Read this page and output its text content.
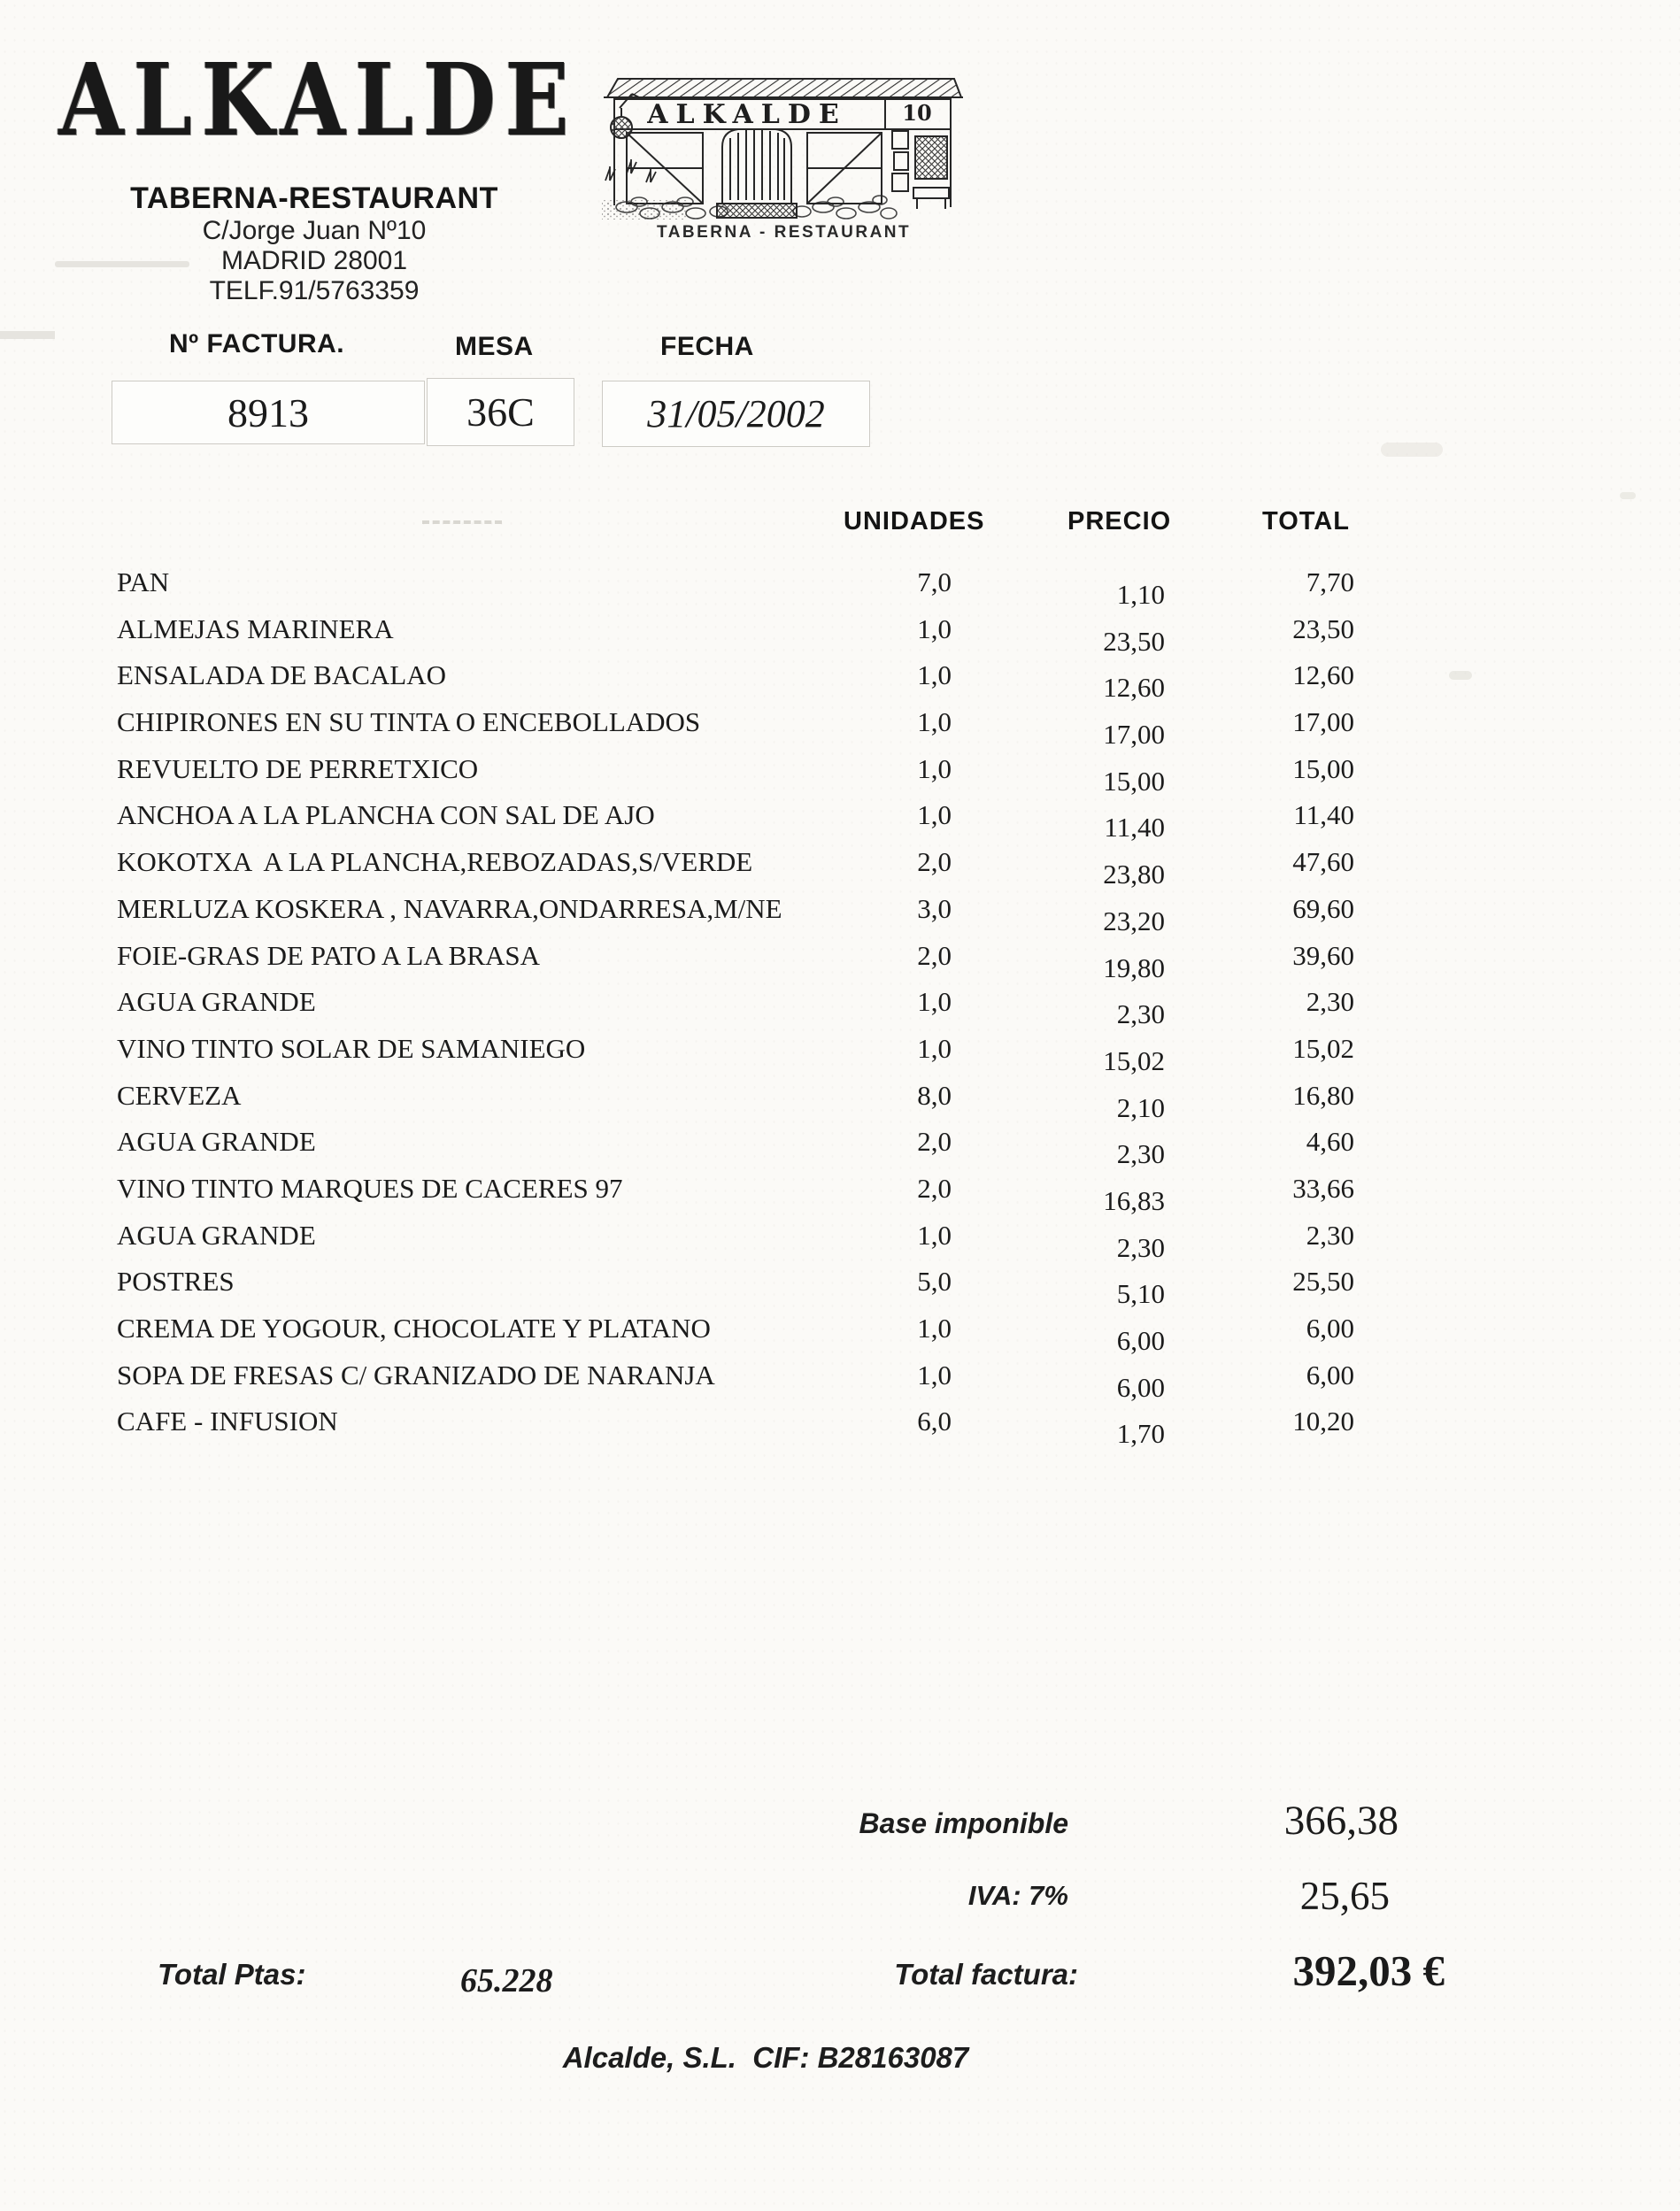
ALKALDE
TABERNA-RESTAURANT
C/Jorge Juan Nº10
MADRID 28001
TELF.91/5763359
ALKALDE	10
TABERNA - RESTAURANT
Nº FACTURA.	MESA	FECHA
8913	36C	31/05/2002
UNIDADES	PRECIO	TOTAL
PAN	7,0	1,10	7,70
ALMEJAS MARINERA	1,0	23,50	23,50
ENSALADA DE BACALAO	1,0	12,60	12,60
CHIPIRONES EN SU TINTA O ENCEBOLLADOS	1,0	17,00	17,00
REVUELTO DE PERRETXICO	1,0	15,00	15,00
ANCHOA A LA PLANCHA CON SAL DE AJO	1,0	11,40	11,40
KOKOTXA  A LA PLANCHA,REBOZADAS,S/VERDE	2,0	23,80	47,60
MERLUZA KOSKERA , NAVARRA,ONDARRESA,M/NE	3,0	23,20	69,60
FOIE-GRAS DE PATO A LA BRASA	2,0	19,80	39,60
AGUA GRANDE	1,0	2,30	2,30
VINO TINTO SOLAR DE SAMANIEGO	1,0	15,02	15,02
CERVEZA	8,0	2,10	16,80
AGUA GRANDE	2,0	2,30	4,60
VINO TINTO MARQUES DE CACERES 97	2,0	16,83	33,66
AGUA GRANDE	1,0	2,30	2,30
POSTRES	5,0	5,10	25,50
CREMA DE YOGOUR, CHOCOLATE Y PLATANO	1,0	6,00	6,00
SOPA DE FRESAS C/ GRANIZADO DE NARANJA	1,0	6,00	6,00
CAFE - INFUSION	6,0	1,70	10,20
Base imponible	366,38
IVA: 7%	25,65
Total Ptas:	65.228	Total factura:	392,03 €
Alcalde, S.L.  CIF: B28163087
